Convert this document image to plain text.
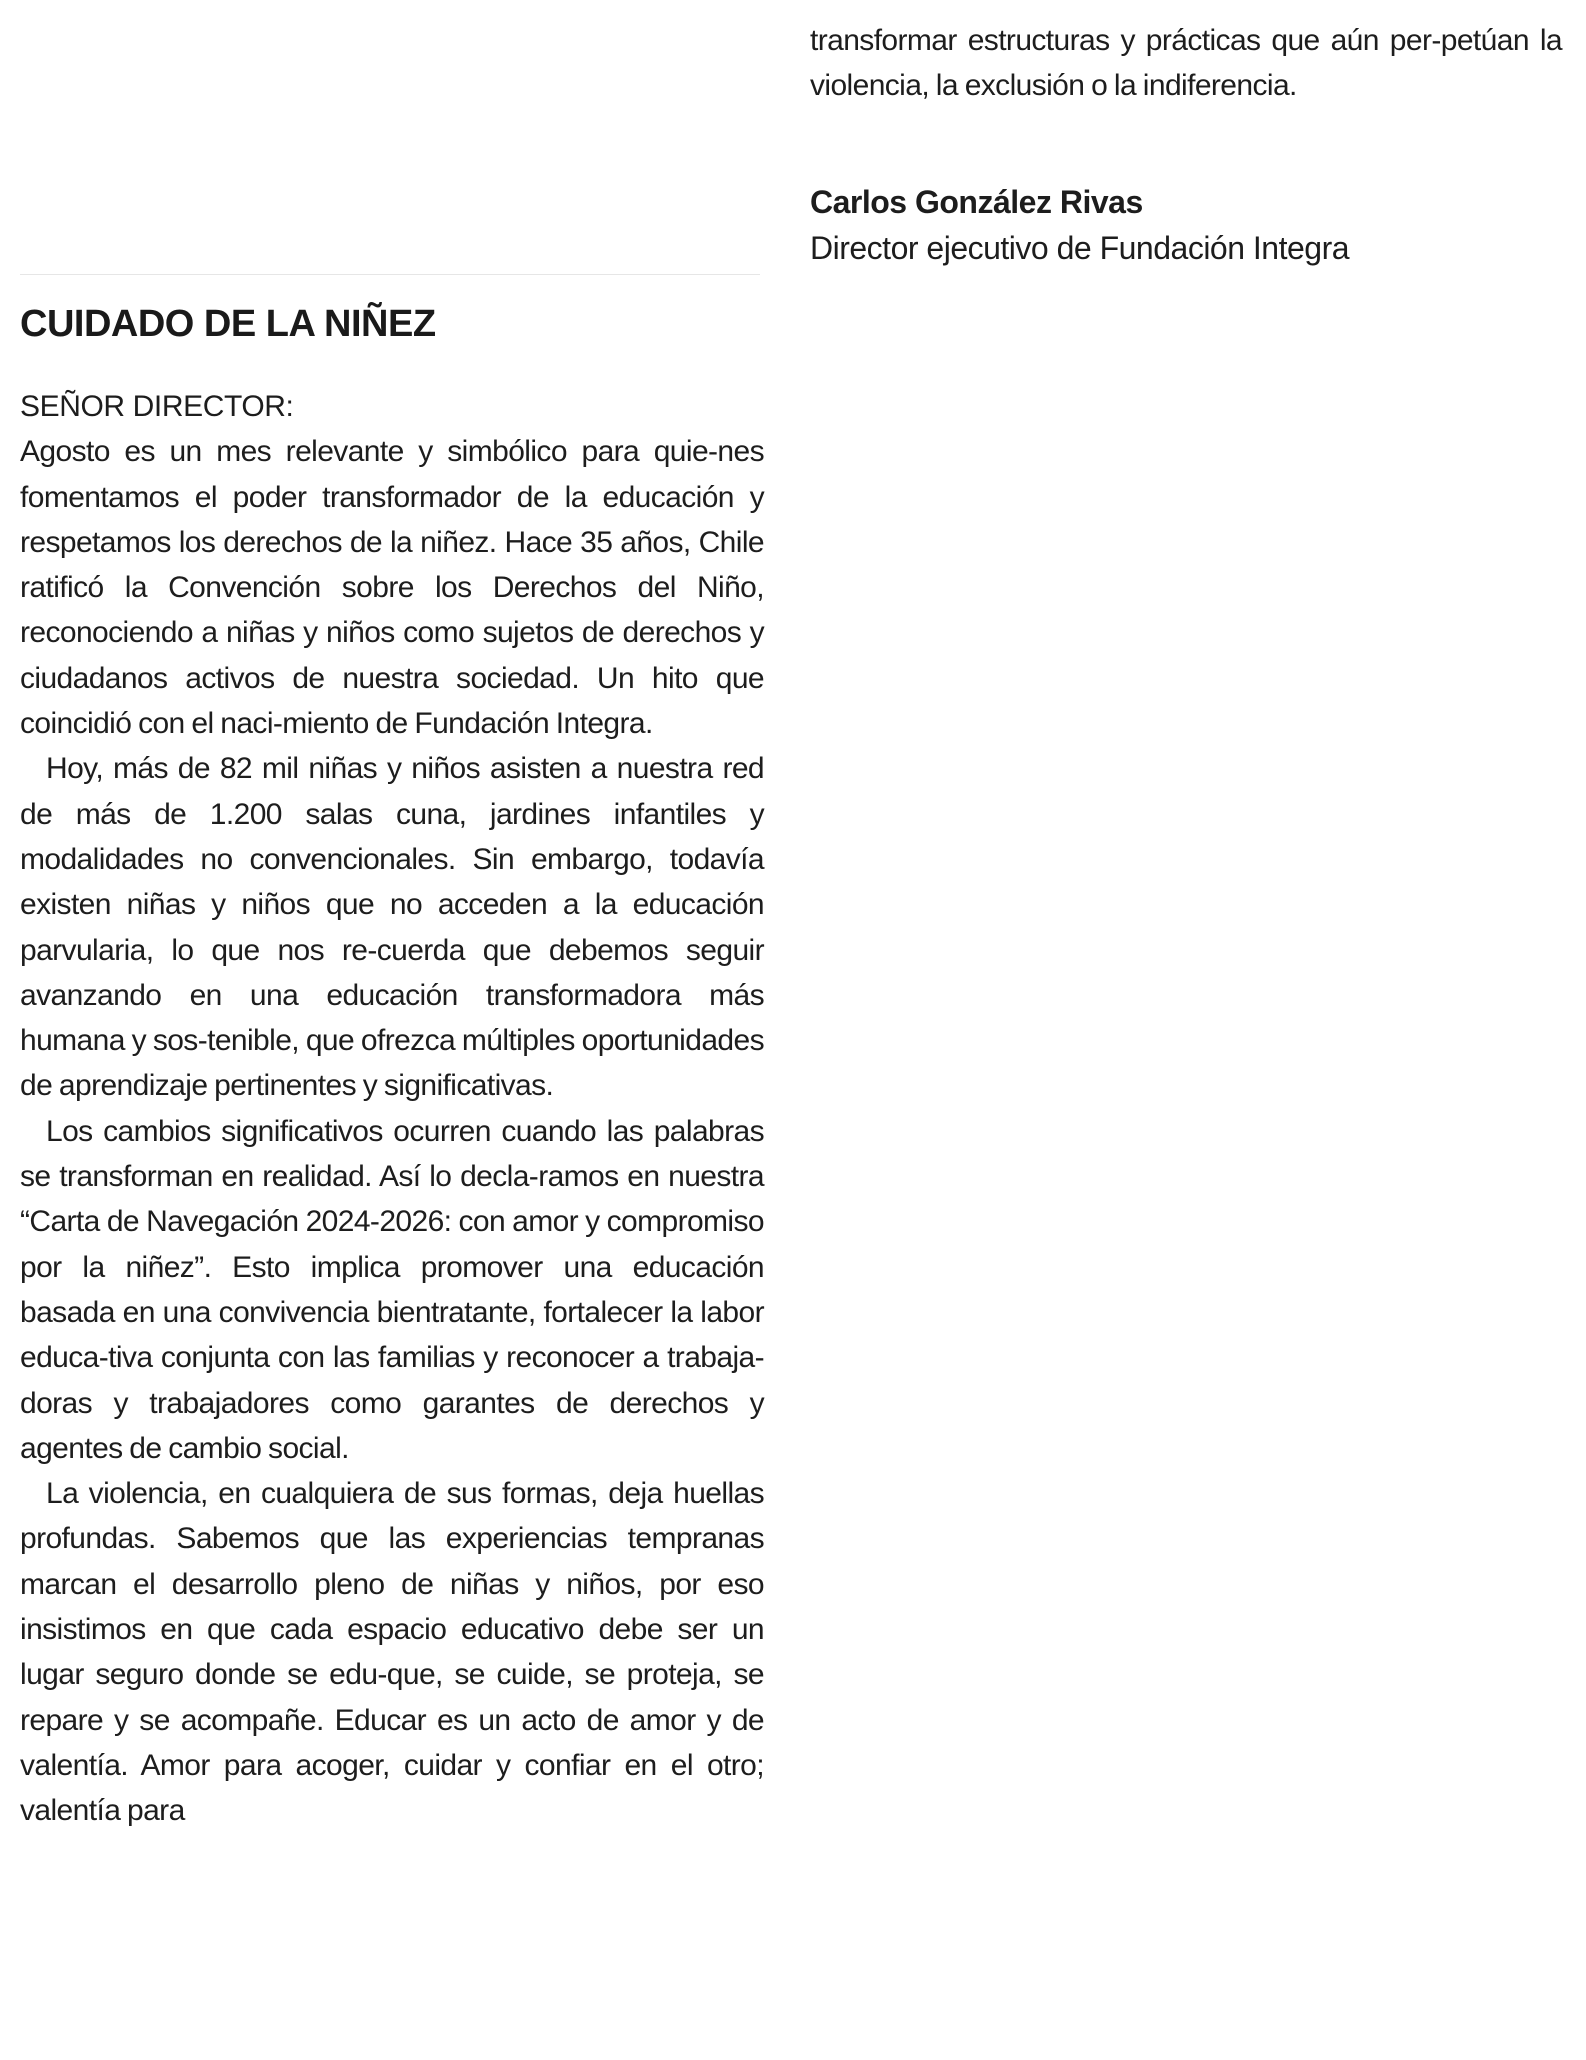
transformar estructuras y prácticas que aún per-petúan la violencia, la exclusión o la indiferencia.

Carlos González Rivas

Director ejecutivo de Fundación Integra

CUIDADO DE LA NIÑEZ

SEÑOR DIRECTOR:

Agosto es un mes relevante y simbólico para quie-nes fomentamos el poder transformador de la educación y respetamos los derechos de la niñez. Hace 35 años, Chile ratificó la Convención sobre los Derechos del Niño, reconociendo a niñas y niños como sujetos de derechos y ciudadanos activos de nuestra sociedad. Un hito que coincidió con el naci-miento de Fundación Integra.

Hoy, más de 82 mil niñas y niños asisten a nuestra red de más de 1.200 salas cuna, jardines infantiles y modalidades no convencionales. Sin embargo, todavía existen niñas y niños que no acceden a la educación parvularia, lo que nos re-cuerda que debemos seguir avanzando en una educación transformadora más humana y sos-tenible, que ofrezca múltiples oportunidades de aprendizaje pertinentes y significativas.

Los cambios significativos ocurren cuando las palabras se transforman en realidad. Así lo decla-ramos en nuestra “Carta de Navegación 2024-2026: con amor y compromiso por la niñez”. Esto implica promover una educación basada en una convivencia bientratante, fortalecer la labor educa-tiva conjunta con las familias y reconocer a trabaja-doras y trabajadores como garantes de derechos y agentes de cambio social.

La violencia, en cualquiera de sus formas, deja huellas profundas. Sabemos que las experiencias tempranas marcan el desarrollo pleno de niñas y niños, por eso insistimos en que cada espacio educativo debe ser un lugar seguro donde se edu-que, se cuide, se proteja, se repare y se acompañe. Educar es un acto de amor y de valentía. Amor para acoger, cuidar y confiar en el otro; valentía para
